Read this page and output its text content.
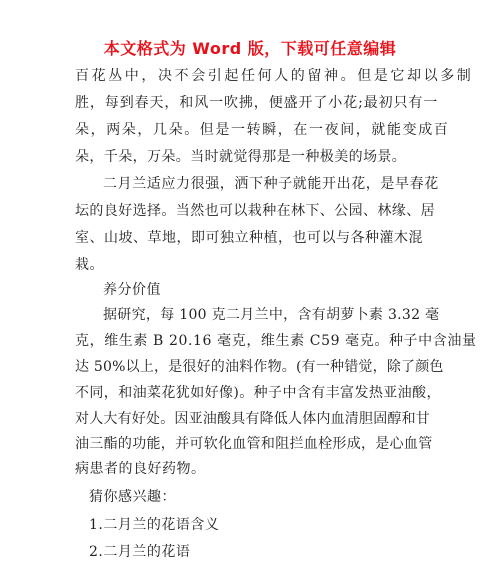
本文格式为 Word 版，下载可任意编辑
百花丛中，决不会引起任何人的留神。但是它却以多制
胜，每到春天，和风一吹拂，便盛开了小花;最初只有一
朵，两朵，几朵。但是一转瞬，在一夜间，就能变成百
朵，千朵，万朵。当时就觉得那是一种极美的场景。
二月兰适应力很强，洒下种子就能开出花，是早春花
坛的良好选择。当然也可以栽种在林下、公园、林缘、居
室、山坡、草地，即可独立种植，也可以与各种灌木混
栽。
养分价值
据研究，每 100 克二月兰中，含有胡萝卜素 3.32 毫
克，维生素 B 20.16 毫克，维生素 C59 毫克。种子中含油量
达 50%以上，是很好的油料作物。(有一种错觉，除了颜色
不同，和油菜花犹如好像)。种子中含有丰富发热亚油酸，
对人大有好处。因亚油酸具有降低人体内血清胆固醇和甘
油三酯的功能，并可软化血管和阻拦血栓形成，是心血管
病患者的良好药物。
猜你感兴趣：
1.二月兰的花语含义
2.二月兰的花语
